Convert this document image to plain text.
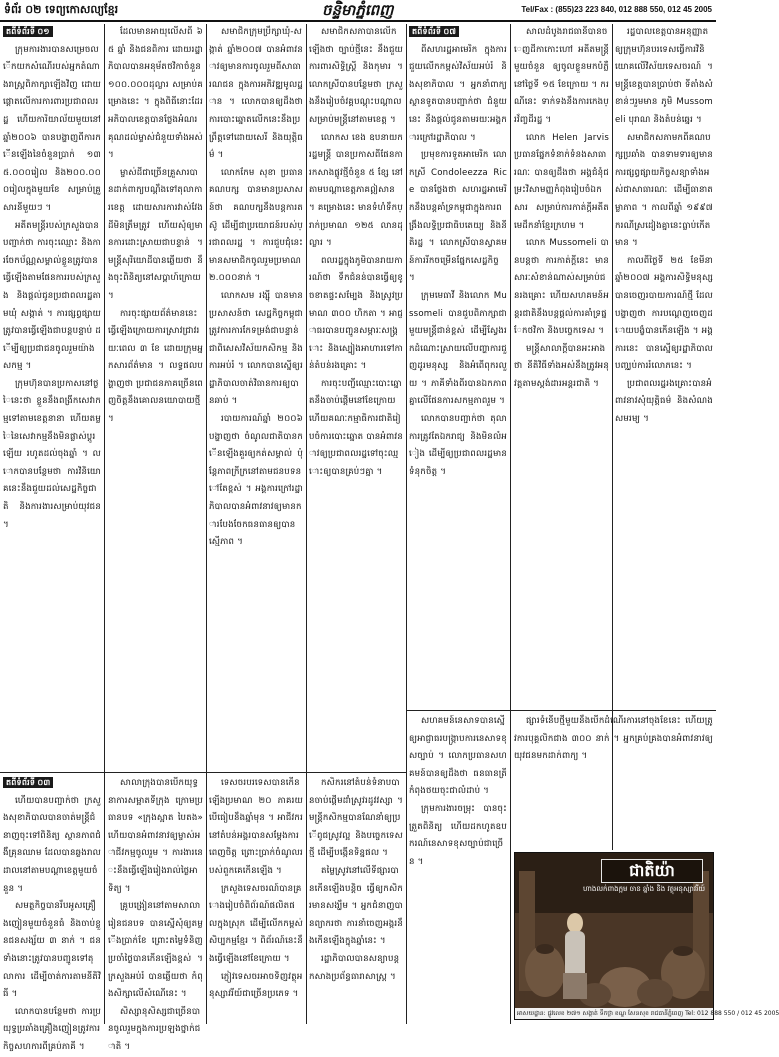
ទំព័រ ០២ ទេព្យកោសល្យខ្មែរ	ចន្ទិមាភ្នំពេញ	Tel/Fax : (855)23 223 840, 012 888 550, 012 45 2005
តពីទំព័រទី ០១

ក្រុមការងារបានសម្រេចលើកយកសំណើរបស់អ្នកតំណាងរាស្ត្រពិភាក្សាឡើងវិញ ដោយផ្តោតលើការការពារប្រជាពលរដ្ឋ ហើយការិយាល័យមួយនៅឆ្នាំ២០០៦ បានបង្ហាញពីការកើនឡើងនៃចំនួនប្រាក់ ១៣៥.០០០រៀល និង២០០.០០០រៀលក្នុងមួយខែ សម្រាប់គ្រួសារនីមួយៗ ។

អតីតមន្ត្រីរបស់ក្រសួងបានបញ្ជាក់ថា ការចុះឈ្មោះ និងការចែកប័ណ្ណសម្គាល់ខ្លួនត្រូវបានធ្វើឡើងតាមផែនការរបស់ក្រសួង និងផ្តល់ជូនប្រជាពលរដ្ឋតាមឃុំ សង្កាត់ ។ ការផ្សព្វផ្សាយត្រូវបានធ្វើឡើងជាបន្តបន្ទាប់ ដើម្បីឲ្យប្រជាជនចូលរួមយ៉ាងសកម្ម ។

ក្រុមហ៊ុនបានប្រកាសនៅថ្ងៃនេះថា ខ្លួននឹងពង្រីកសេវាកម្មទៅតាមខេត្តនានា ហើយតម្លៃនៃសេវាកម្មនឹងមិនផ្លាស់ប្តូរឡើយ រហូតដល់ចុងឆ្នាំ ។ លោកបានបន្ថែមថា ការវិនិយោគនេះនឹងជួយដល់សេដ្ឋកិច្ចជាតិ និងការងារសម្រាប់យុវជន ។

ដែលមានអាយុលើសពី ៦៥ ឆ្នាំ និងជនពិការ ដោយរដ្ឋាភិបាលបានអនុម័តថវិកាចំនួន ១០០.០០០ដុល្លារ សម្រាប់គម្រោងនេះ ។ ក្នុងពិធីនោះដែរ អភិបាលខេត្តបានថ្លែងអំណរគុណដល់ម្ចាស់ជំនួយទាំងអស់ ។

ម្ចាស់ដីជាច្រើនគ្រួសារបានដាក់ពាក្យបណ្តឹងទៅតុលាការខេត្ត ដោយសារការវាស់វែងដីមិនត្រឹមត្រូវ ហើយសុំឲ្យមានការដោះស្រាយជាបន្ទាន់ ។ មន្ត្រីសុរិយោដីបានឆ្លើយថា នឹងចុះពិនិត្យនៅសប្តាហ៍ក្រោយ ។

ការចុះផ្សាយព័ត៌មាននេះ ធ្វើឡើងក្រោយការស្រាវជ្រាវរយៈពេល ៣ ខែ ដោយក្រុមអ្នកសារព័ត៌មាន ។ លទ្ធផលបង្ហាញថា ប្រជាជនភាគច្រើនពេញចិត្តនឹងគោលនយោបាយថ្មី ។

សមាជិកក្រុមប្រឹក្សាឃុំ-សង្កាត់ ឆ្នាំ២០០៧ បានអំពាវនាវឲ្យមានការចូលរួមពីសាធារណជន ក្នុងការអភិវឌ្ឍមូលដ្ឋាន ។ លោកបានឲ្យដឹងថា ការបោះឆ្នោតលើកនេះនឹងប្រព្រឹត្តទៅដោយសេរី និងយុត្តិធម៌ ។

លោកកែម សុខា ប្រធានគណបក្ស បានមានប្រសាសន៍ថា គណបក្សនឹងបន្តការតស៊ូ ដើម្បីជាប្រយោជន៍របស់ប្រជាពលរដ្ឋ ។ ការជួបជុំនេះ មានសមាជិកចូលរួមប្រមាណ ២.០០០នាក់ ។

លោកសម រង្ស៊ី បានមានប្រសាសន៍ថា សេដ្ឋកិច្ចកម្ពុជាត្រូវការការកែទម្រង់ជាបន្ទាន់ ជាពិសេសវិស័យកសិកម្ម និងការអប់រំ ។ លោកបានស្នើឲ្យរដ្ឋាភិបាលចាត់វិធានការឲ្យបានឆាប់ ។

របាយការណ៍ឆ្នាំ ២០០៦ បង្ហាញថា ចំណូលជាតិបានកើនឡើងគួរឲ្យកត់សម្គាល់ ប៉ុន្តែភាពក្រីក្រនៅតាមជនបទនៅតែខ្ពស់ ។ អង្គការក្រៅរដ្ឋាភិបាលបានអំពាវនាវឲ្យមានការបែងចែកធនធានឲ្យបានស្មើភាព ។

សមាជិកសភាបានលើកឡើងថា ច្បាប់ថ្មីនេះ នឹងជួយការពារសិទ្ធិស្ត្រី និងកុមារ ។ លោកស្រីបានបន្ថែមថា ក្រសួងនឹងរៀបចំវគ្គបណ្តុះបណ្តាលសម្រាប់មន្ត្រីនៅតាមខេត្ត ។

លោកស ខេង ឧបនាយករដ្ឋមន្ត្រី បានប្រកាសពីផែនការកសាងផ្លូវថ្មីចំនួន ៥ ខ្សែ នៅតាមបណ្តាខេត្តភាគឦសាន ។ គម្រោងនេះ មានទំហំទឹកប្រាក់ប្រមាណ ១២៥ លានដុល្លារ ។

ពលរដ្ឋក្នុងភូមិបានរាយការណ៍ថា ទឹកជំនន់បានធ្វើឲ្យខូចខាតផ្ទះសម្បែង និងស្រូវប្រមាណ ៣០០ ហិកតា ។ អាជ្ញាធរបានបញ្ជូនសម្ភារៈសង្គ្រោះ និងស្បៀងអាហារទៅកាន់តំបន់រងគ្រោះ ។

ការចុះបញ្ជីឈ្មោះបោះឆ្នោតនឹងចាប់ផ្តើមនៅខែក្រោយ ហើយគណៈកម្មាធិការជាតិរៀបចំការបោះឆ្នោត បានអំពាវនាវឲ្យប្រជាពលរដ្ឋទៅចុះឈ្មោះឲ្យបានគ្រប់ៗគ្នា ។

តពីទំព័រទី ០៧

ពីសហរដ្ឋអាមេរិក ក្នុងការជួយលើកកម្ពស់វិស័យអប់រំ និងសុខាភិបាល ។ អ្នកនាំពាក្យស្ថានទូតបានបញ្ជាក់ថា ជំនួយនេះ នឹងផ្តល់ជូនតាមរយៈអង្គការក្រៅរដ្ឋាភិបាល ។

ប្រមុខការទូតអាមេរិក លោកស្រី Condoleezza Rice បានថ្លែងថា សហរដ្ឋអាមេរិកនឹងបន្តគាំទ្រកម្ពុជាក្នុងការពង្រឹងលទ្ធិប្រជាធិបតេយ្យ និងនីតិរដ្ឋ ។ លោកស្រីបានស្វាគមន៍ការរីកចម្រើនផ្នែកសេដ្ឋកិច្ច ។

ក្រុមមេធាវី និងលោក Mussomeli បានជួបពិភាក្សាជាមួយមន្ត្រីជាន់ខ្ពស់ ដើម្បីស្វែងរកដំណោះស្រាយលើបញ្ហាការជួញដូរមនុស្ស និងអំពើពុករលួយ ។ ភាគីទាំងពីរបានឯកភាពគ្នាលើផែនការសកម្មភាពរួម ។

លោកបានបញ្ជាក់ថា តុលាការត្រូវតែឯករាជ្យ និងមិនលំអៀង ដើម្បីឲ្យប្រជាពលរដ្ឋមានទំនុកចិត្ត ។

សាលដំបូងរាជធានីបានចេញដីកាកោះហៅ អតីតមន្ត្រីមួយចំនួន ឲ្យចូលខ្លួនមកបំភ្លឺ នៅថ្ងៃទី ១៥ ខែក្រោយ ។ ករណីនេះ ទាក់ទងនឹងការកេងប្រវ័ញ្ចដីរដ្ឋ ។

លោក Helen Jarvis ប្រធានផ្នែកទំនាក់ទំនងសាធារណៈ បានឲ្យដឹងថា អង្គជំនុំជម្រះវិសាមញ្ញកំពុងរៀបចំឯកសារ សម្រាប់ការកាត់ក្តីអតីតមេដឹកនាំខ្មែរក្រហម ។

លោក Mussomeli បានបន្តថា ការកាត់ក្តីនេះ មានសារៈសំខាន់ណាស់សម្រាប់ជនរងគ្រោះ ហើយសហគមន៍អន្តរជាតិនឹងបន្តផ្តល់ការគាំទ្រផ្នែកថវិកា និងបច្ចេកទេស ។

មន្ត្រីសាលាក្តីបានអះអាងថា នីតិវិធីទាំងអស់នឹងត្រូវអនុវត្តតាមស្តង់ដារអន្តរជាតិ ។

រដ្ឋបាលខេត្តបានអនុញ្ញាតឲ្យក្រុមហ៊ុនបរទេសធ្វើការវិនិយោគលើវិស័យទេសចរណ៍ ។ មន្ត្រីខេត្តបានប្រាប់ថា ទីតាំងសំខាន់ៗរួមមាន ភូមិ Mussomeli បុរាណ និងតំបន់ឆ្នេរ ។

សមាជិកសភាមកពីគណបក្សប្រឆាំង បានទាមទារឲ្យមានការផ្សព្វផ្សាយកិច្ចសន្យាទាំងអស់ជាសាធារណៈ ដើម្បីធានាតម្លាភាព ។ កាលពីឆ្នាំ ១៩៩៧ ករណីស្រដៀងគ្នានេះធ្លាប់កើតមាន ។

កាលពីថ្ងៃទី ២៥ ខែមីនា ឆ្នាំ២០០៧ អង្គការសិទ្ធិមនុស្សបានចេញរបាយការណ៍ថ្មី ដែលបង្ហាញថា ការបណ្តេញចេញដោយបង្ខំបានកើនឡើង ។ អង្គការនេះ បានស្នើឲ្យរដ្ឋាភិបាលបញ្ឈប់ការរំលោភនេះ ។

ប្រជាពលរដ្ឋរងគ្រោះបានអំពាវនាវសុំយុត្តិធម៌ និងសំណងសមរម្យ ។

តពីទំព័រទី ០៣

ហើយបានបញ្ជាក់ថា ក្រសួងសុខាភិបាលបានចាត់មន្ត្រីជំនាញចុះទៅពិនិត្យ ស្ថានភាពជំងឺគ្រុនឈាម ដែលបានឆ្លងរាលដាលនៅតាមបណ្តាខេត្តមួយចំនួន ។

សមត្ថកិច្ចបានរឹបអូសគ្រឿងញៀនមួយចំនួនធំ និងចាប់ខ្លួនជនសង្ស័យ ៣ នាក់ ។ ជនទាំងនោះត្រូវបានបញ្ជូនទៅតុលាការ ដើម្បីចាត់ការតាមនីតិវិធី ។

លោកបានបន្ថែមថា ការប្រយុទ្ធប្រឆាំងគ្រឿងញៀនត្រូវការកិច្ចសហការពីគ្រប់ភាគី ។

សាលាក្រុងបានបើកយុទ្ធនាការសម្អាតទីក្រុង ក្រោមប្រធានបទ «ក្រុងស្អាត បៃតង» ហើយបានអំពាវនាវឲ្យម្ចាស់អាជីវកម្មចូលរួម ។ ការងារនេះនឹងធ្វើឡើងរៀងរាល់ថ្ងៃអាទិត្យ ។

គ្រូបង្រៀននៅតាមសាលារៀនជនបទ បានស្នើសុំឲ្យតម្លើងប្រាក់ខែ ព្រោះតម្លៃទំនិញប្រចាំថ្ងៃបានកើនឡើងខ្ពស់ ។ ក្រសួងអប់រំ បានឆ្លើយថា កំពុងសិក្សាលើសំណើនេះ ។

សិស្សានុសិស្សជាច្រើនបានចូលរួមក្នុងការប្រឡងថ្នាក់ជាតិ ។

ទេសចរបរទេសបានកើនឡើងប្រមាណ ២០ ភាគរយ បើធៀបនឹងឆ្នាំមុន ។ អាជីវករនៅតំបន់អង្គរបានសម្តែងការពេញចិត្ត ព្រោះប្រាក់ចំណូលរបស់ពួកគេកើនឡើង ។

ក្រសួងទេសចរណ៍បានគ្រោងរៀបចំពិព័រណ៍ផលិតផលក្នុងស្រុក ដើម្បីលើកកម្ពស់សិប្បកម្មខ្មែរ ។ ពិព័រណ៍នេះនឹងធ្វើឡើងនៅខែក្រោយ ។

ភ្ញៀវទេសចរអាចទិញវត្ថុអនុស្សាវរីយ៍ជាច្រើនប្រភេទ ។

កសិករនៅតំបន់ទំនាបបានចាប់ផ្តើមដាំស្រូវរដូវវស្សា ។ មន្ត្រីកសិកម្មបានណែនាំឲ្យប្រើពូជស្រូវល្អ និងបច្ចេកទេសថ្មី ដើម្បីបង្កើនទិន្នផល ។

តម្លៃស្រូវនៅលើទីផ្សារបានកើនឡើងបន្តិច ធ្វើឲ្យកសិករមានសង្ឃឹម ។ អ្នកជំនាញបានព្យាករថា ការនាំចេញអង្ករនឹងកើនឡើងក្នុងឆ្នាំនេះ ។

រដ្ឋាភិបាលបានសន្យាបន្តកសាងប្រព័ន្ធធារាសាស្ត្រ ។

សហគមន៍នេសាទបានស្នើឲ្យអាជ្ញាធរបង្ក្រាបការនេសាទខុសច្បាប់ ។ លោកប្រធានសហគមន៍បានឲ្យដឹងថា ធនធានត្រីកំពុងថយចុះជាលំដាប់ ។

ក្រុមការងារចម្រុះ បានចុះត្រួតពិនិត្យ ហើយដកហូតឧបករណ៍នេសាទខុសច្បាប់ជាច្រើន ។

ផ្សារទំនើបថ្មីមួយនឹងបើកដំណើរការនៅចុងខែនេះ ហើយត្រូវការបុគ្គលិកជាង ៣០០ នាក់ ។ អ្នកគ្រប់គ្រងបានអំពាវនាវឲ្យយុវជនមកដាក់ពាក្យ ។

ជាតិយ៉ា
ហាងលក់ពាងក្អម ចាន ឆ្នាំង និង វត្ថុអនុស្សាវរីយ៍
អាសយដ្ឋាន: ផ្លូវលេខ ២៧១ សង្កាត់ ទឹកថ្លា ខណ្ឌ សែនសុខ រាជធានីភ្នំពេញ Tel: 012 888 550 / 012 45 2005
